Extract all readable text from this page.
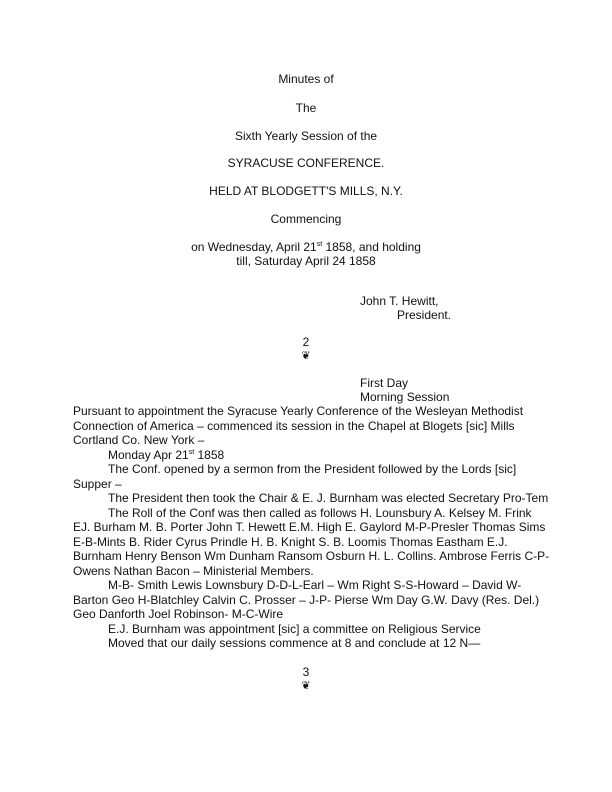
Minutes of
The
Sixth Yearly Session of the
SYRACUSE CONFERENCE.
HELD AT BLODGETT'S MILLS, N.Y.
Commencing
on Wednesday, April 21st 1858, and holding
till, Saturday April 24 1858
John T. Hewitt,
President.
2
❦
First Day
Morning Session

Pursuant to appointment the Syracuse Yearly Conference of the Wesleyan Methodist Connection of America – commenced its session in the Chapel at Blogets [sic] Mills Cortland Co. New York –

Monday Apr 21st 1858

The Conf. opened by a sermon from the President followed by the Lords [sic] Supper –

The President then took the Chair & E. J. Burnham was elected Secretary Pro-Tem

The Roll of the Conf was then called as follows H. Lounsbury A. Kelsey M. Frink EJ. Burham M. B. Porter John T. Hewett E.M. High E. Gaylord M-P-Presler Thomas Sims E-B-Mints B. Rider Cyrus Prindle H. B. Knight S. B. Loomis Thomas Eastham E.J. Burnham Henry Benson Wm Dunham Ransom Osburn H. L. Collins. Ambrose Ferris C-P- Owens Nathan Bacon – Ministerial Members.

M-B- Smith Lewis Lownsbury D-D-L-Earl – Wm Right S-S-Howard – David W-Barton Geo H-Blatchley Calvin C. Prosser – J-P- Pierse Wm Day G.W. Davy (Res. Del.) Geo Danforth Joel Robinson- M-C-Wire

E.J. Burnham was appointment [sic] a committee on Religious Service

Moved that our daily sessions commence at 8 and conclude at 12 N—

3
❦
